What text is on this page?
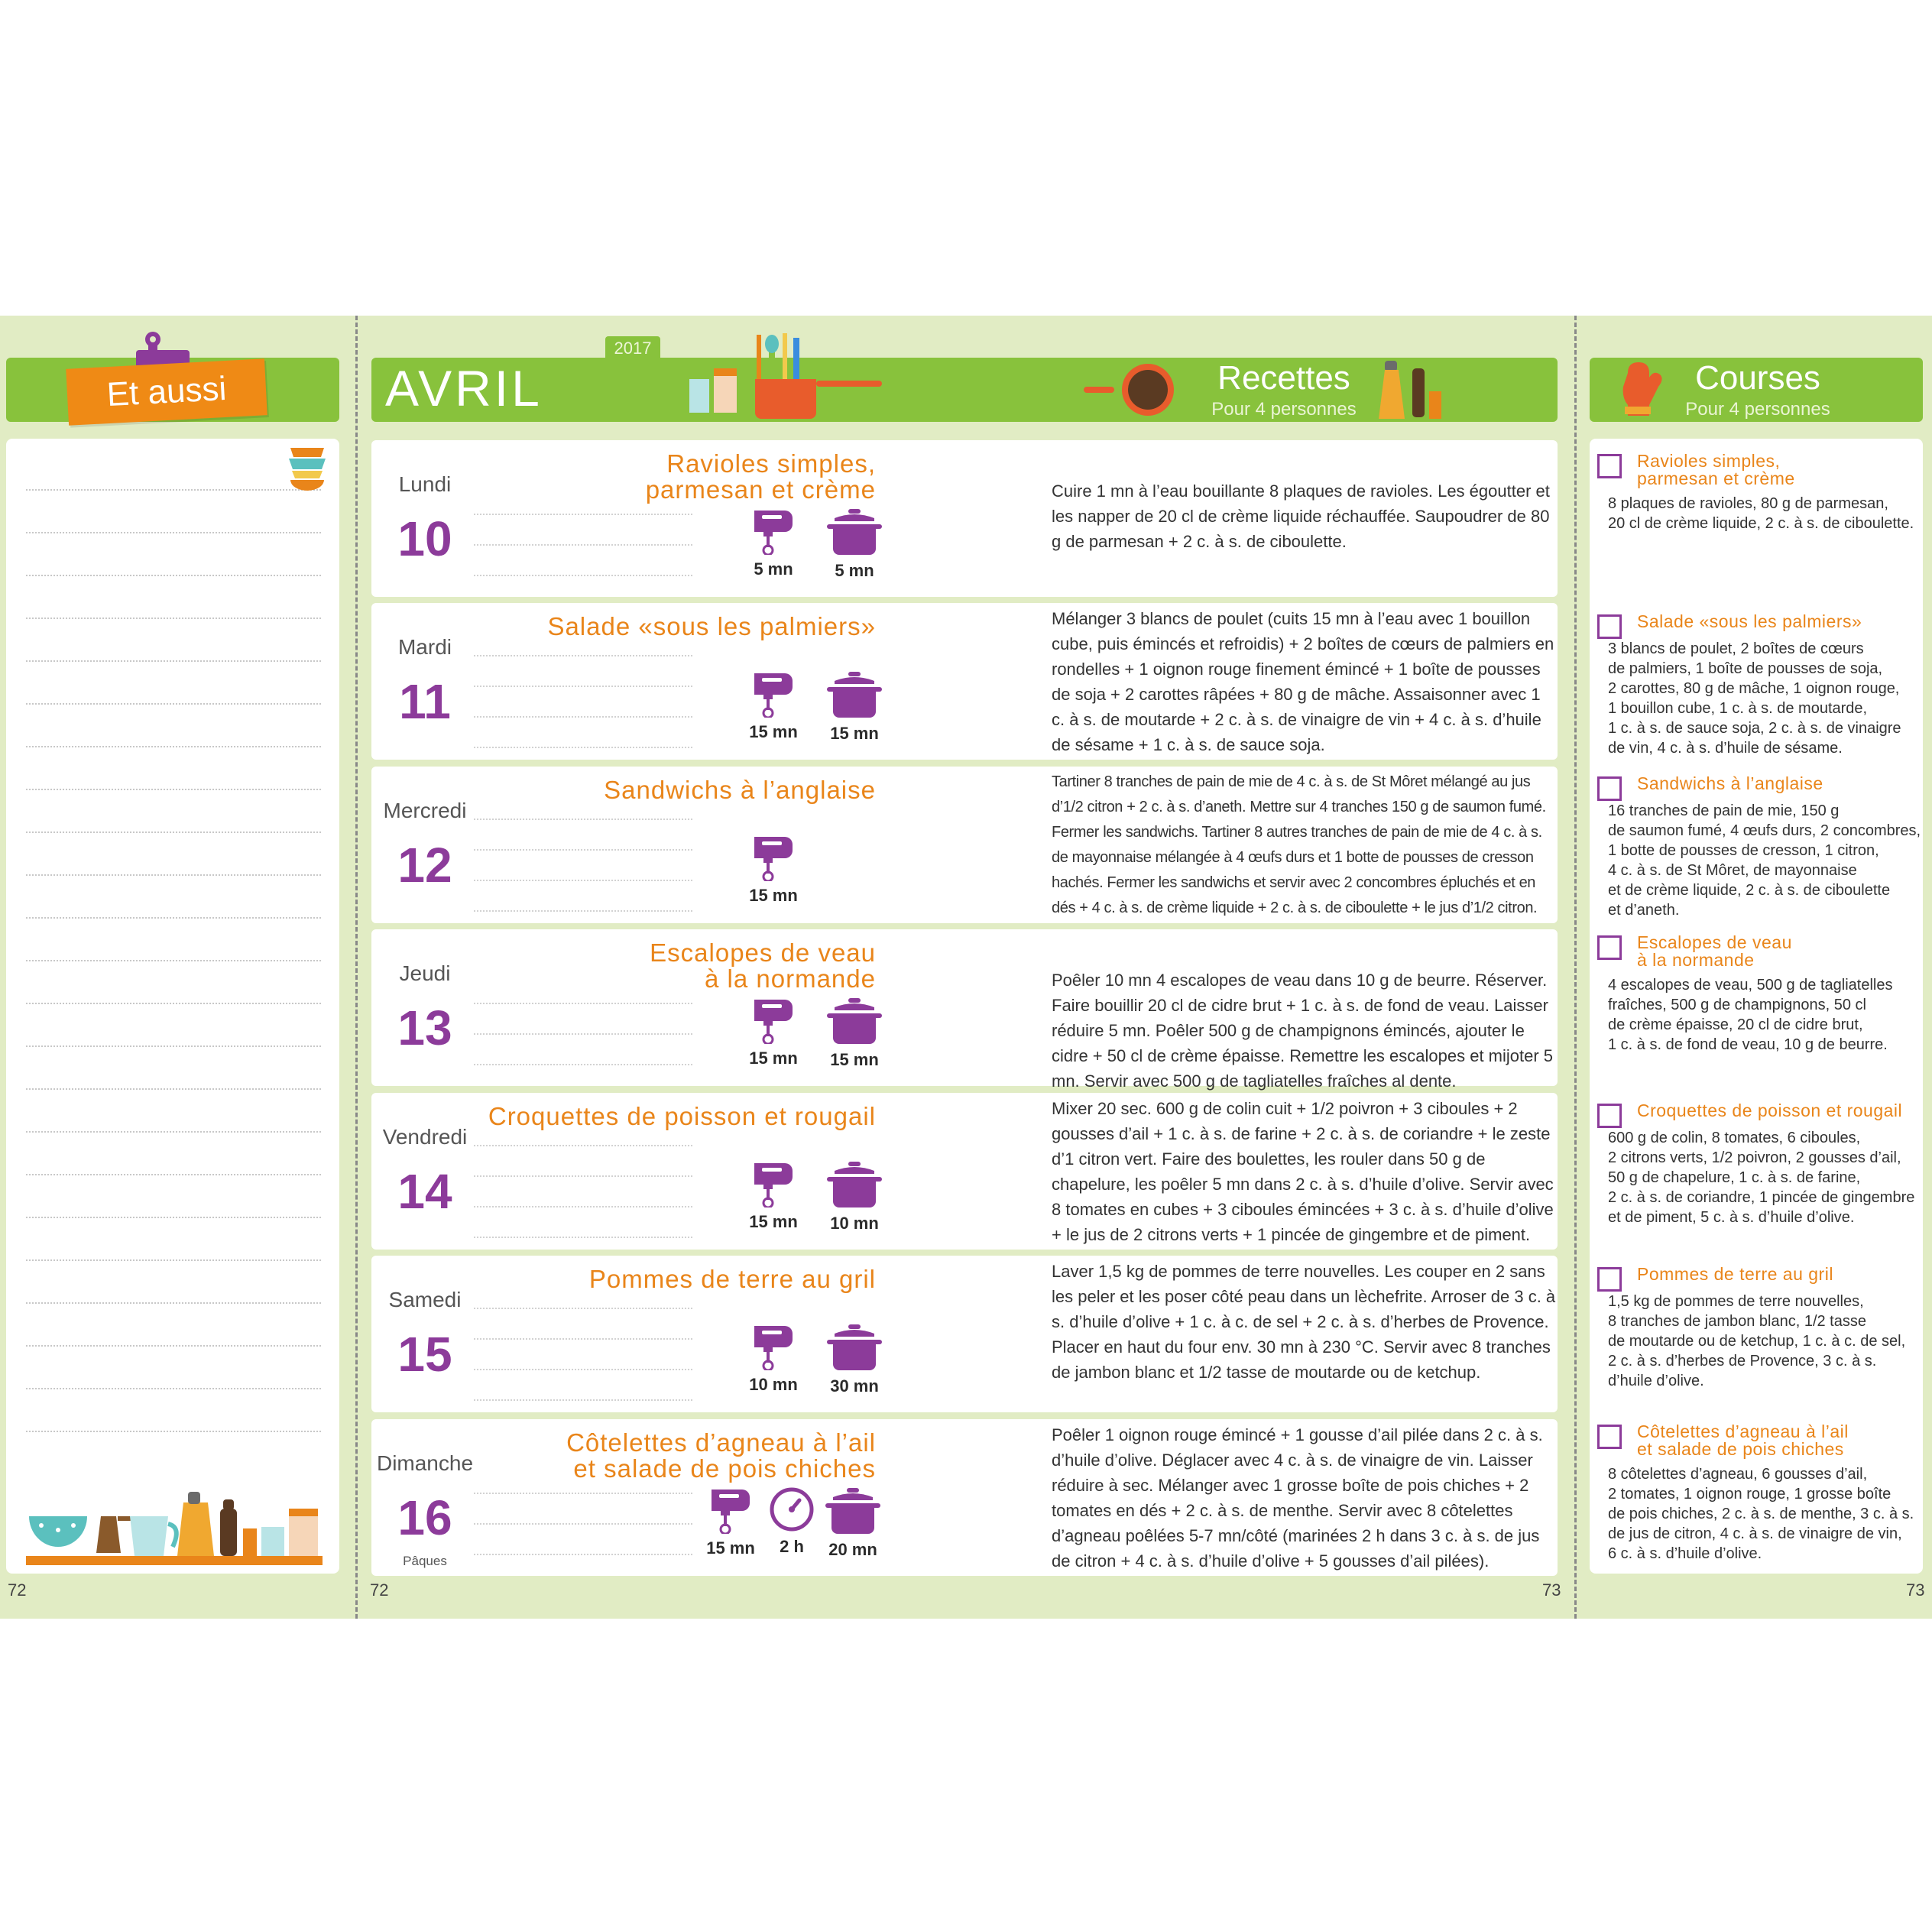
Et aussi
72
2017
AVRIL	Recettes
Pour 4 personnes
Lundi
10
Ravioles simples,
parmesan et crème
5 mn	5 mn
Cuire 1 mn à l’eau bouillante 8 plaques de ravioles. Les égoutter et les napper de 20 cl de crème liquide réchauffée. Saupoudrer de 80 g de parmesan + 2 c. à s. de ciboulette.
Mardi
11
Salade «sous les palmiers»
15 mn	15 mn
Mélanger 3 blancs de poulet (cuits 15 mn à l’eau avec 1 bouillon cube, puis émincés et refroidis) + 2 boîtes de cœurs de palmiers en rondelles + 1 oignon rouge finement émincé + 1 boîte de pousses de soja + 2 carottes râpées + 80 g de mâche. Assaisonner avec 1 c. à s. de moutarde + 2 c. à s. de vinaigre de vin + 4 c. à s. d’huile de sésame + 1 c. à s. de sauce soja.
Mercredi
12
Sandwichs à l’anglaise
15 mn
Tartiner 8 tranches de pain de mie de 4 c. à s. de St Môret mélangé au jus d’1/2 citron + 2 c. à s. d’aneth. Mettre sur 4 tranches 150 g de saumon fumé. Fermer les sandwichs. Tartiner 8 autres tranches de pain de mie de 4 c. à s. de mayonnaise mélangée à 4 œufs durs et 1 botte de pousses de cresson hachés. Fermer les sandwichs et servir avec 2 concombres épluchés et en dés + 4 c. à s. de crème liquide + 2 c. à s. de ciboulette + le jus d’1/2 citron.
Jeudi
13
Escalopes de veau
à la normande
15 mn	15 mn
Poêler 10 mn 4 escalopes de veau dans 10 g de beurre. Réserver. Faire bouillir 20 cl de cidre brut + 1 c. à s. de fond de veau. Laisser réduire 5 mn. Poêler 500 g de champignons émincés, ajouter le cidre + 50 cl de crème épaisse. Remettre les escalopes et mijoter 5 mn. Servir avec 500 g de tagliatelles fraîches al dente.
Vendredi
14
Croquettes de poisson et rougail
15 mn	10 mn
Mixer 20 sec. 600 g de colin cuit + 1/2 poivron + 3 ciboules + 2 gousses d’ail + 1 c. à s. de farine + 2 c. à s. de coriandre + le zeste d’1 citron vert. Faire des boulettes, les rouler dans 50 g de chapelure, les poêler 5 mn dans 2 c. à s. d’huile d’olive. Servir avec 8 tomates en cubes + 3 ciboules émincées + 3 c. à s. d’huile d’olive + le jus de 2 citrons verts + 1 pincée de gingembre et de piment.
Samedi
15
Pommes de terre au gril
10 mn	30 mn
Laver 1,5 kg de pommes de terre nouvelles. Les couper en 2 sans les peler et les poser côté peau dans un lèchefrite. Arroser de 3 c. à s. d’huile d’olive + 1 c. à c. de sel + 2 c. à s. d’herbes de Provence. Placer en haut du four env. 30 mn à 230 °C. Servir avec 8 tranches de jambon blanc et 1/2 tasse de moutarde ou de ketchup.
Dimanche
16
Pâques
Côtelettes d’agneau à l’ail
et salade de pois chiches
15 mn	2 h	20 mn
Poêler 1 oignon rouge émincé + 1 gousse d’ail pilée dans 2 c. à s. d’huile d’olive. Déglacer avec 4 c. à s. de vinaigre de vin. Laisser réduire à sec. Mélanger avec 1 grosse boîte de pois chiches + 2 tomates en dés + 2 c. à s. de menthe. Servir avec 8 côtelettes d’agneau poêlées 5-7 mn/côté (marinées 2 h dans 3 c. à s. de jus de citron + 4 c. à s. d’huile d’olive + 5 gousses d’ail pilées).
72	73
Courses
Pour 4 personnes
Ravioles simples,
parmesan et crème
8 plaques de ravioles, 80 g de parmesan,
20 cl de crème liquide, 2 c. à s. de ciboulette.
Salade «sous les palmiers»
3 blancs de poulet, 2 boîtes de cœurs
de palmiers, 1 boîte de pousses de soja,
2 carottes, 80 g de mâche, 1 oignon rouge,
1 bouillon cube, 1 c. à s. de moutarde,
1 c. à s. de sauce soja, 2 c. à s. de vinaigre
de vin, 4 c. à s. d’huile de sésame.
Sandwichs à l’anglaise
16 tranches de pain de mie, 150 g
de saumon fumé, 4 œufs durs, 2 concombres,
1 botte de pousses de cresson, 1 citron,
4 c. à s. de St Môret, de mayonnaise
et de crème liquide, 2 c. à s. de ciboulette
et d’aneth.
Escalopes de veau
à la normande
4 escalopes de veau, 500 g de tagliatelles
fraîches, 500 g de champignons, 50 cl
de crème épaisse, 20 cl de cidre brut,
1 c. à s. de fond de veau, 10 g de beurre.
Croquettes de poisson et rougail
600 g de colin, 8 tomates, 6 ciboules,
2 citrons verts, 1/2 poivron, 2 gousses d’ail,
50 g de chapelure, 1 c. à s. de farine,
2 c. à s. de coriandre, 1 pincée de gingembre
et de piment, 5 c. à s. d’huile d’olive.
Pommes de terre au gril
1,5 kg de pommes de terre nouvelles,
8 tranches de jambon blanc, 1/2 tasse
de moutarde ou de ketchup, 1 c. à c. de sel,
2 c. à s. d’herbes de Provence, 3 c. à s.
d’huile d’olive.
Côtelettes d’agneau à l’ail
et salade de pois chiches
8 côtelettes d’agneau, 6 gousses d’ail,
2 tomates, 1 oignon rouge, 1 grosse boîte
de pois chiches, 2 c. à s. de menthe, 3 c. à s.
de jus de citron, 4 c. à s. de vinaigre de vin,
6 c. à s. d’huile d’olive.
73
